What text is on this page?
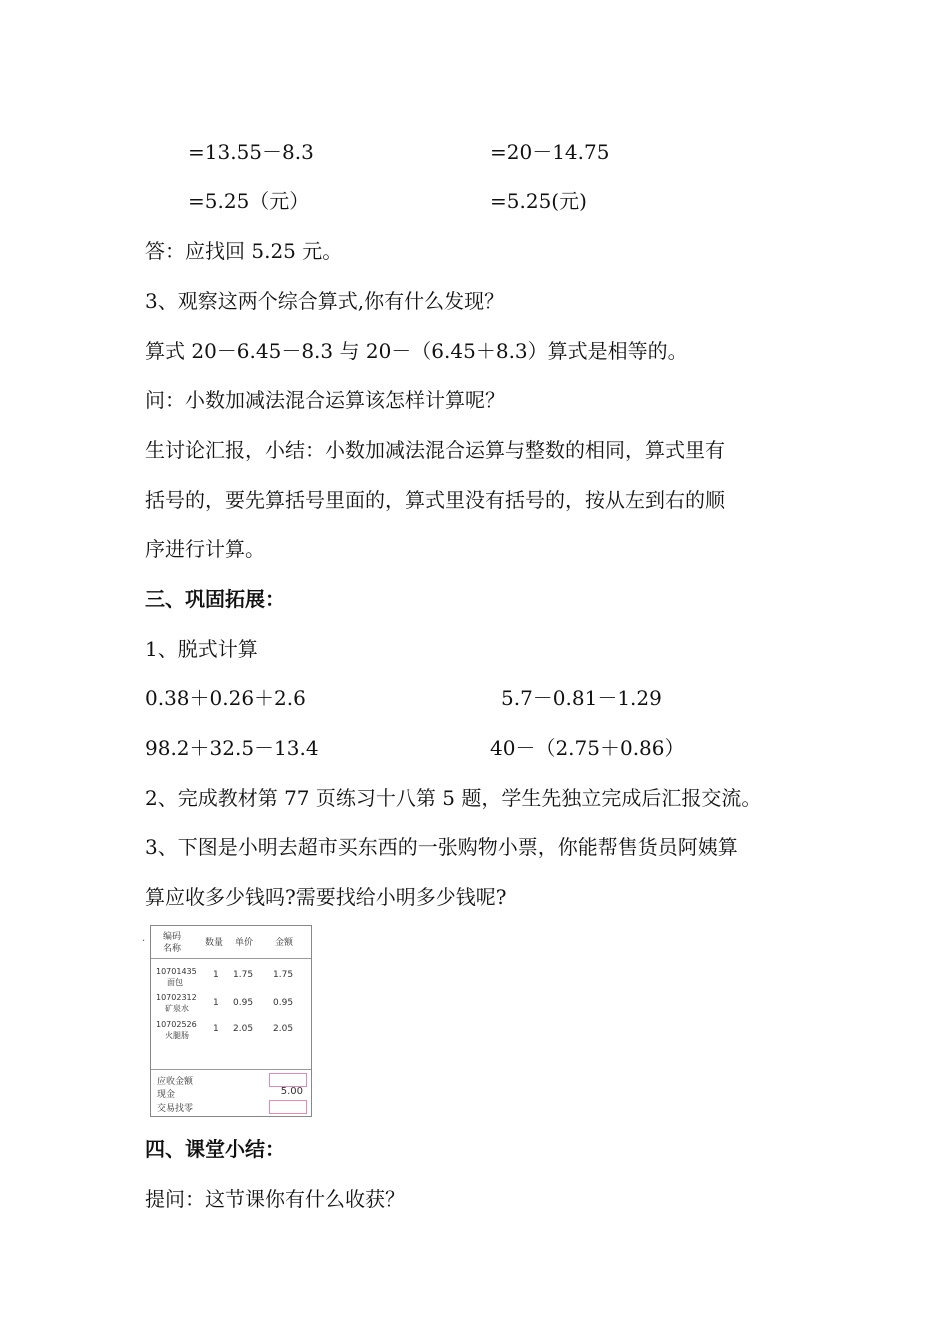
=13.55－8.3	=20－14.75
=5.25（元）	=5.25(元)
答：应找回 5.25 元。
3、观察这两个综合算式,你有什么发现？
算式 20－6.45－8.3 与 20－（6.45＋8.3）算式是相等的。
问：小数加减法混合运算该怎样计算呢？
生讨论汇报，小结：小数加减法混合运算与整数的相同，算式里有
括号的，要先算括号里面的，算式里没有括号的，按从左到右的顺
序进行计算。
三、巩固拓展：
1、脱式计算
0.38＋0.26＋2.6	5.7－0.81－1.29
98.2＋32.5－13.4	40－（2.75＋0.86）
2、完成教材第 77 页练习十八第 5 题，学生先独立完成后汇报交流。
3、下图是小明去超市买东西的一张购物小票，你能帮售货员阿姨算
算应收多少钱吗?需要找给小明多少钱呢?
· 编码
名称
数量 单价 金额
10701435
面包
1 1.75 1.75
10702312
矿泉水
1 0.95 0.95
10702526
火腿肠
1 2.05 2.05
应收金额
现金	5.00
交易找零
四、课堂小结：
提问：这节课你有什么收获？
